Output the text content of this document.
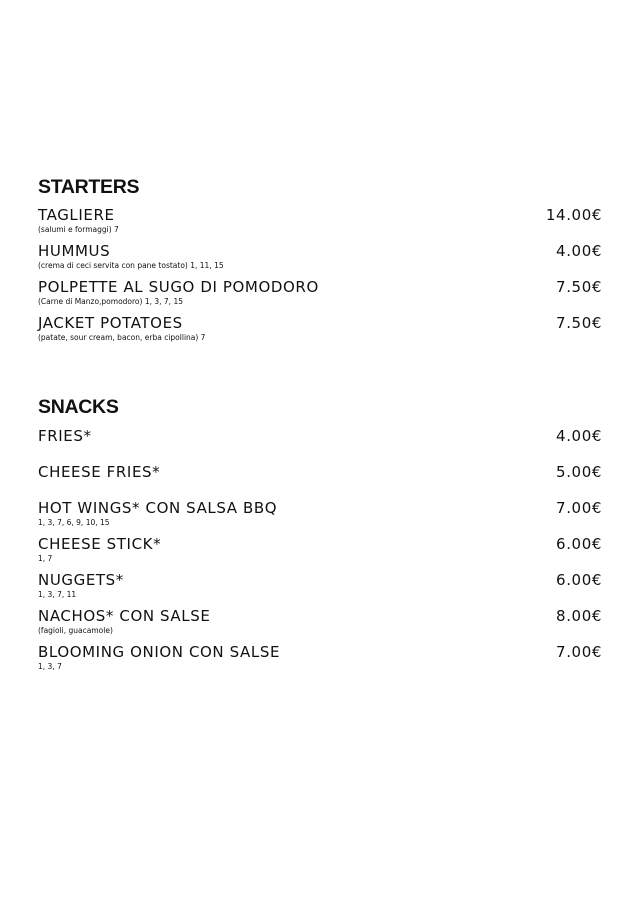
STARTERS
TAGLIERE
(salumi e formaggi) 7
14.00€
HUMMUS
(crema di ceci servita con pane tostato) 1, 11, 15
4.00€
POLPETTE AL SUGO DI POMODORO
(Carne di Manzo,pomodoro) 1, 3, 7, 15
7.50€
JACKET POTATOES
(patate, sour cream, bacon, erba cipollina) 7
7.50€
SNACKS
FRIES*	4.00€
CHEESE FRIES*	5.00€
HOT WINGS* CON SALSA BBQ
1, 3, 7, 6, 9, 10, 15
7.00€
CHEESE STICK*
1, 7
6.00€
NUGGETS*
1, 3, 7, 11
6.00€
NACHOS* CON SALSE
(fagioli, guacamole)
8.00€
BLOOMING ONION CON SALSE
1, 3, 7
7.00€
